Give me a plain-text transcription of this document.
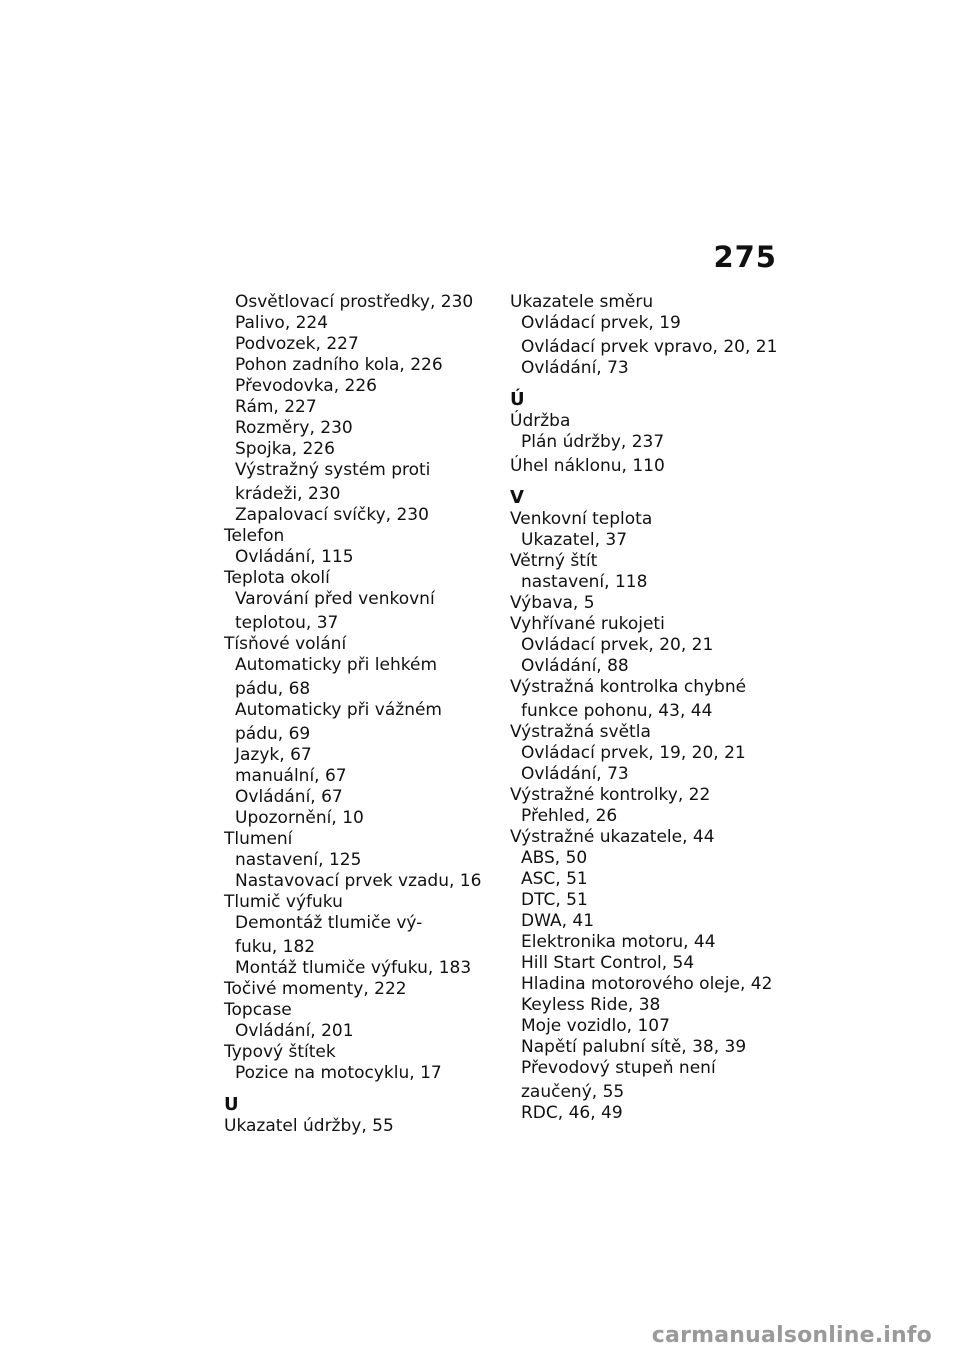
275
Osvětlovací prostředky, 230
Palivo, 224
Podvozek, 227
Pohon zadního kola, 226
Převodovka, 226
Rám, 227
Rozměry, 230
Spojka, 226
Výstražný systém proti
krádeži, 230
Zapalovací svíčky, 230
Telefon
Ovládání, 115
Teplota okolí
Varování před venkovní
teplotou, 37
Tísňové volání
Automaticky při lehkém
pádu, 68
Automaticky při vážném
pádu, 69
Jazyk, 67
manuální, 67
Ovládání, 67
Upozornění, 10
Tlumení
nastavení, 125
Nastavovací prvek vzadu, 16
Tlumič výfuku
Demontáž tlumiče vý-
fuku, 182
Montáž tlumiče výfuku, 183
Točivé momenty, 222
Topcase
Ovládání, 201
Typový štítek
Pozice na motocyklu, 17
U
Ukazatel údržby, 55
Ukazatele směru
Ovládací prvek, 19
Ovládací prvek vpravo, 20, 21
Ovládání, 73
Ú
Údržba
Plán údržby, 237
Úhel náklonu, 110
V
Venkovní teplota
Ukazatel, 37
Větrný štít
nastavení, 118
Výbava, 5
Vyhřívané rukojeti
Ovládací prvek, 20, 21
Ovládání, 88
Výstražná kontrolka chybné
funkce pohonu, 43, 44
Výstražná světla
Ovládací prvek, 19, 20, 21
Ovládání, 73
Výstražné kontrolky, 22
Přehled, 26
Výstražné ukazatele, 44
ABS, 50
ASC, 51
DTC, 51
DWA, 41
Elektronika motoru, 44
Hill Start Control, 54
Hladina motorového oleje, 42
Keyless Ride, 38
Moje vozidlo, 107
Napětí palubní sítě, 38, 39
Převodový stupeň není
zaučený, 55
RDC, 46, 49
carmanualsonline.info
